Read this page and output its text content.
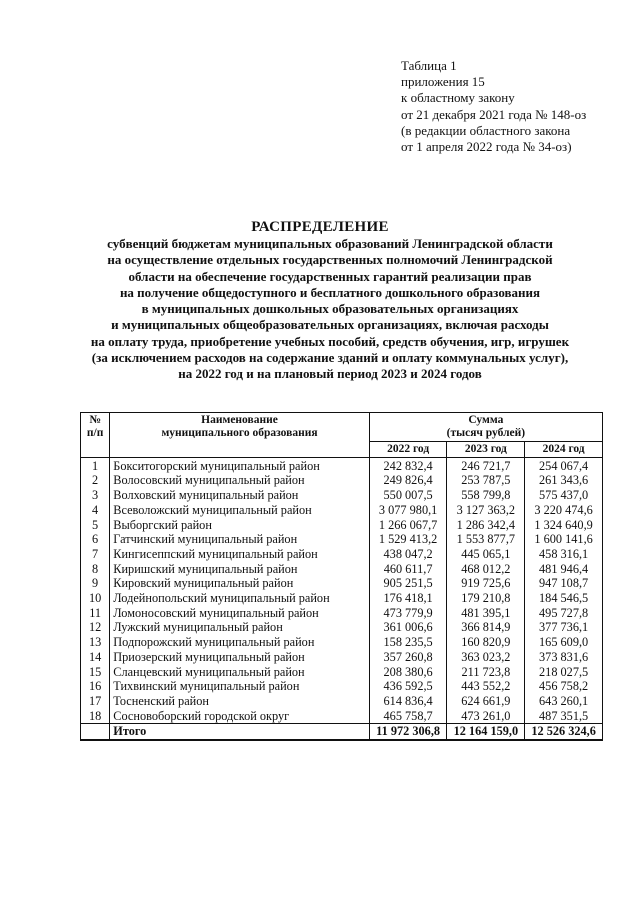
Таблица 1
приложения 15
к областному закону
от 21 декабря 2021 года № 148-оз
(в редакции областного закона
от 1 апреля 2022 года № 34-оз)
РАСПРЕДЕЛЕНИЕ
субвенций бюджетам муниципальных образований Ленинградской области
на осуществление отдельных государственных полномочий Ленинградской
области на обеспечение государственных гарантий реализации прав
на получение общедоступного и бесплатного дошкольного образования
в муниципальных дошкольных образовательных организациях
и муниципальных общеобразовательных организациях, включая расходы
на оплату труда, приобретение учебных пособий, средств обучения, игр, игрушек
(за исключением расходов на содержание зданий и оплату коммунальных услуг),
на 2022 год и на плановый период 2023 и 2024 годов
№
п/п	Наименование
муниципального образования	Сумма
(тысяч рублей)		
		2022 год	2023 год	2024 год
1	Бокситогорский муниципальный район	242 832,4	246 721,7	254 067,4
2	Волосовский муниципальный район	249 826,4	253 787,5	261 343,6
3	Волховский муниципальный район	550 007,5	558 799,8	575 437,0
4	Всеволожский муниципальный район	3 077 980,1	3 127 363,2	3 220 474,6
5	Выборгский район	1 266 067,7	1 286 342,4	1 324 640,9
6	Гатчинский муниципальный район	1 529 413,2	1 553 877,7	1 600 141,6
7	Кингисеппский муниципальный район	438 047,2	445 065,1	458 316,1
8	Киришский муниципальный район	460 611,7	468 012,2	481 946,4
9	Кировский муниципальный район	905 251,5	919 725,6	947 108,7
10	Лодейнопольский муниципальный район	176 418,1	179 210,8	184 546,5
11	Ломоносовский муниципальный район	473 779,9	481 395,1	495 727,8
12	Лужский муниципальный район	361 006,6	366 814,9	377 736,1
13	Подпорожский муниципальный район	158 235,5	160 820,9	165 609,0
14	Приозерский муниципальный район	357 260,8	363 023,2	373 831,6
15	Сланцевский муниципальный район	208 380,6	211 723,8	218 027,5
16	Тихвинский муниципальный район	436 592,5	443 552,2	456 758,2
17	Тосненский район	614 836,4	624 661,9	643 260,1
18	Сосновоборский городской округ	465 758,7	473 261,0	487 351,5
	Итого	11 972 306,8	12 164 159,0	12 526 324,6
